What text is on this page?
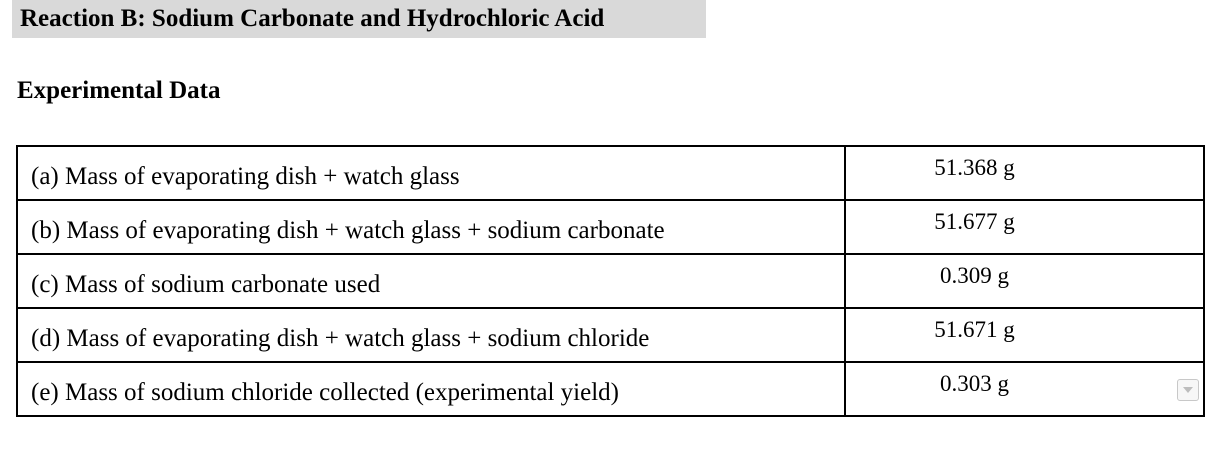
Reaction B: Sodium Carbonate and Hydrochloric Acid
Experimental Data
(a) Mass of evaporating dish + watch glass	51.368 g
(b) Mass of evaporating dish + watch glass + sodium carbonate	51.677 g
(c) Mass of sodium carbonate used	0.309 g
(d) Mass of evaporating dish + watch glass + sodium chloride	51.671 g
(e) Mass of sodium chloride collected (experimental yield)	0.303 g
